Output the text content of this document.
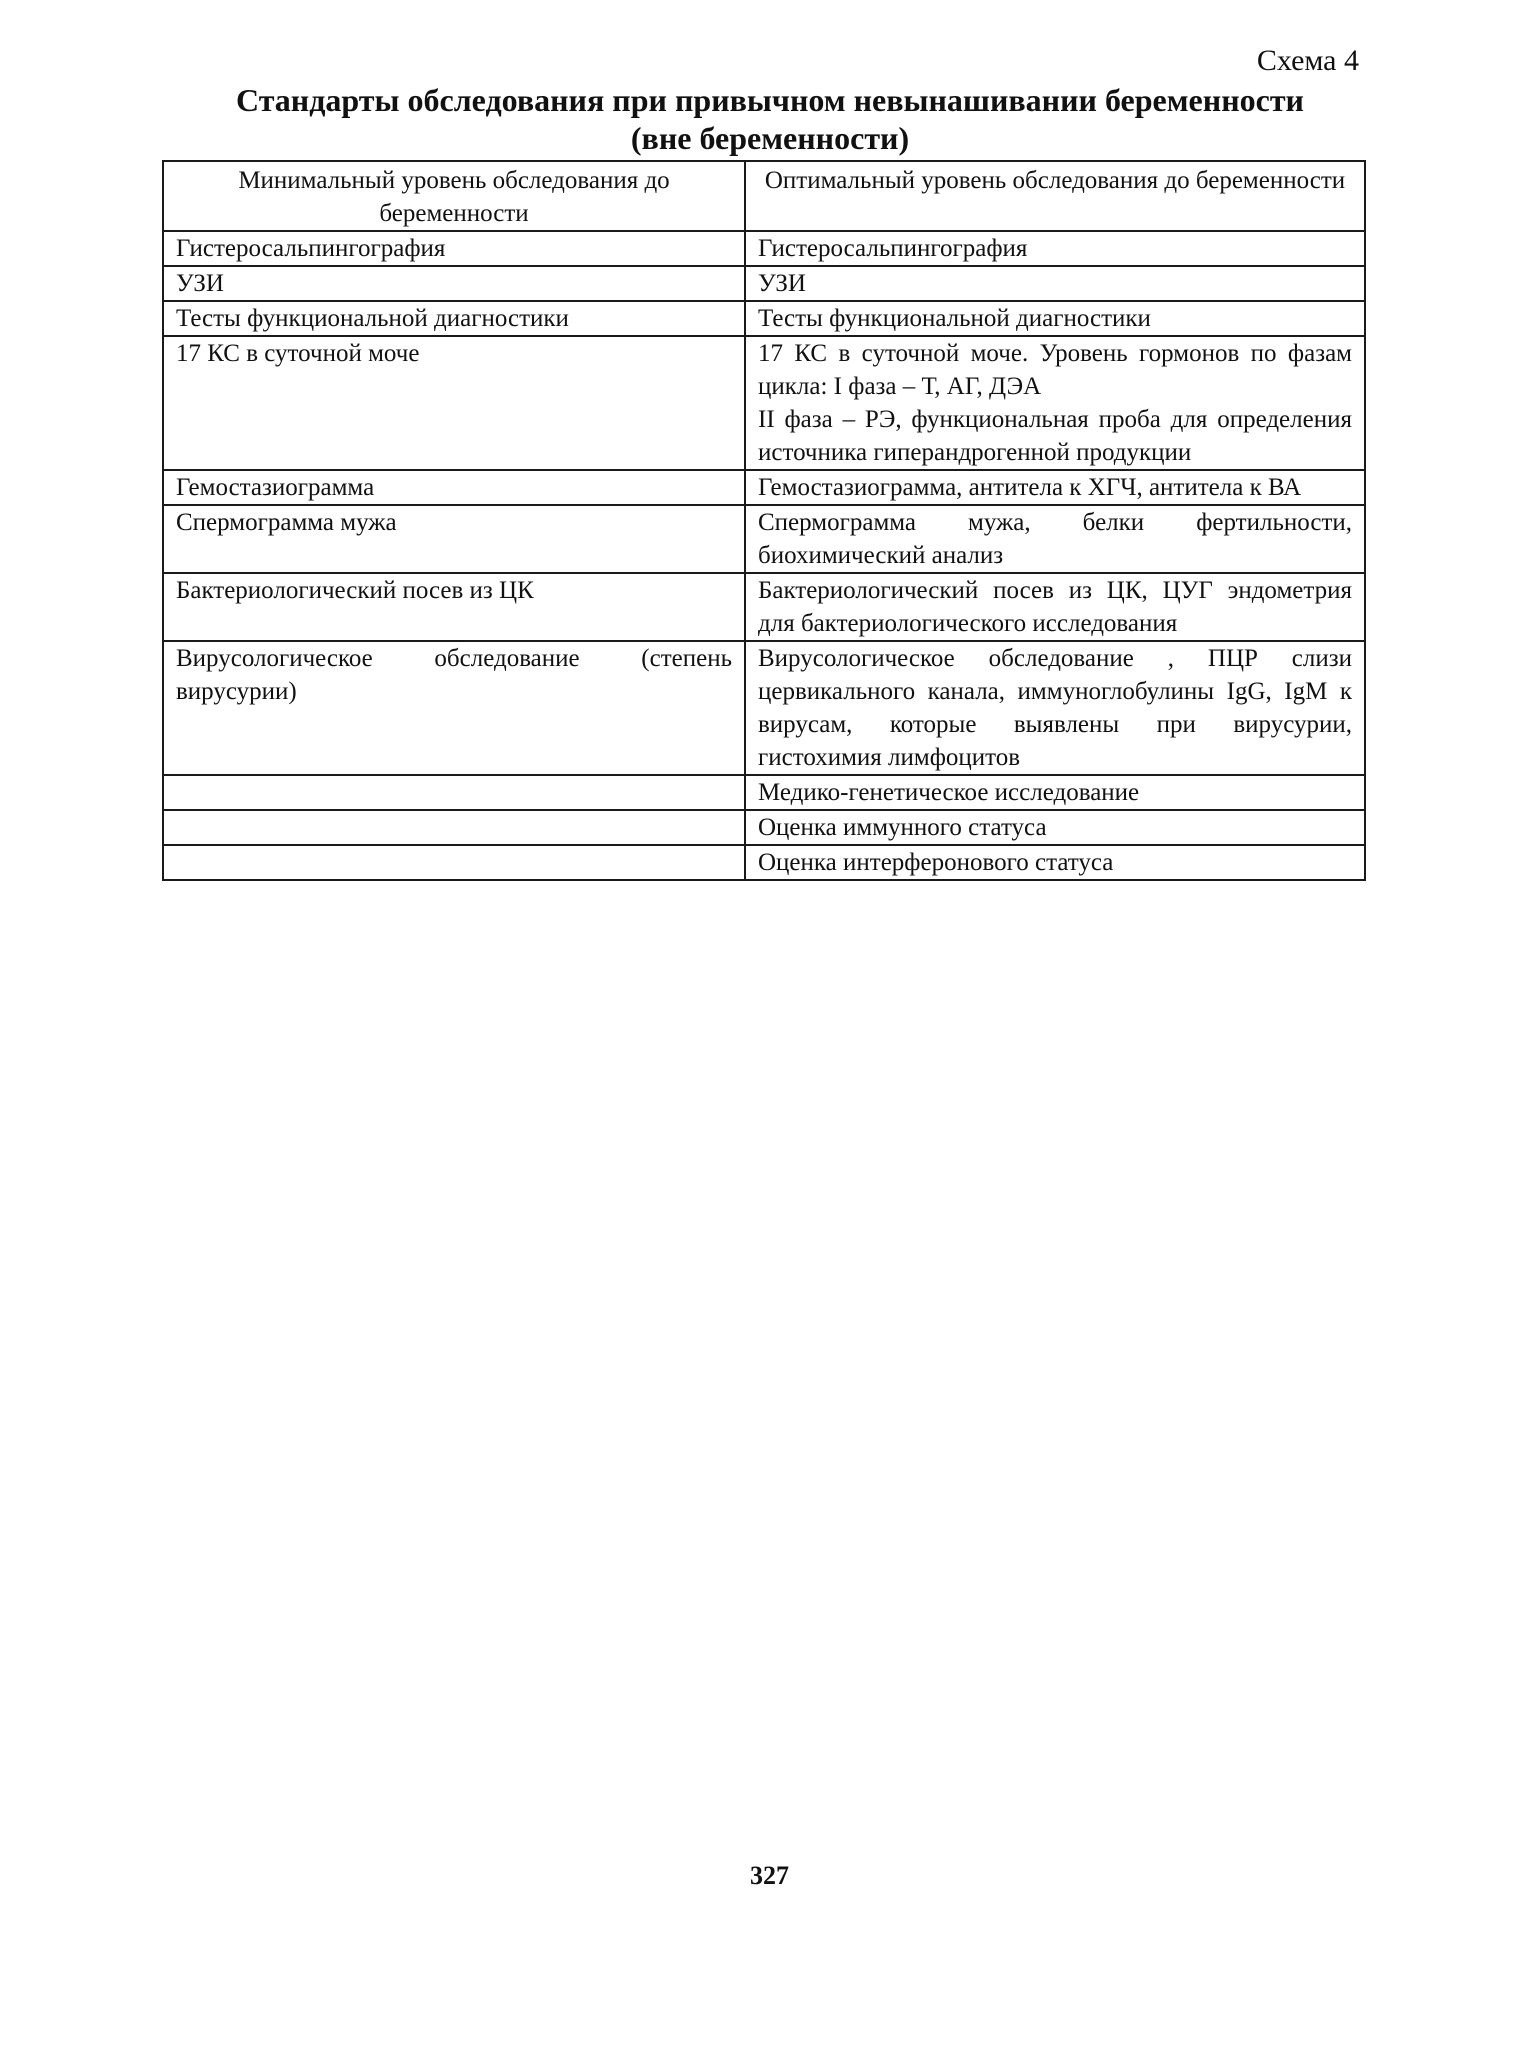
Схема 4
Стандарты обследования при привычном невынашивании беременности
(вне беременности)
Минимальный уровень обследования до беременности	Оптимальный уровень обследования до беременности
Гистеросальпингография	Гистеросальпингография
УЗИ	УЗИ
Тесты функциональной диагностики	Тесты функциональной диагностики
17 КС в суточной моче	17 КС в суточной моче. Уровень гормонов по фазам цикла: I фаза – Т, АГ, ДЭА
II фаза – РЭ, функциональная проба для определения источника гиперандрогенной продукции

Гемостазиограмма	Гемостазиограмма, антитела к ХГЧ, антитела к ВА
Спермограмма мужа	Спермограмма мужа, белки фертильности, биохимический анализ
Бактериологический посев из ЦК	Бактериологический посев из ЦК, ЦУГ эндометрия для бактериологического исследования
Вирусологическое обследование (степень вирусурии)	Вирусологическое обследование , ПЦР слизи цервикального канала, иммуноглобулины IgG, IgM к вирусам, которые выявлены при вирусурии, гистохимия лимфоцитов
	Медико-генетическое исследование
	Оценка иммунного статуса
	Оценка интерферонового статуса
327
